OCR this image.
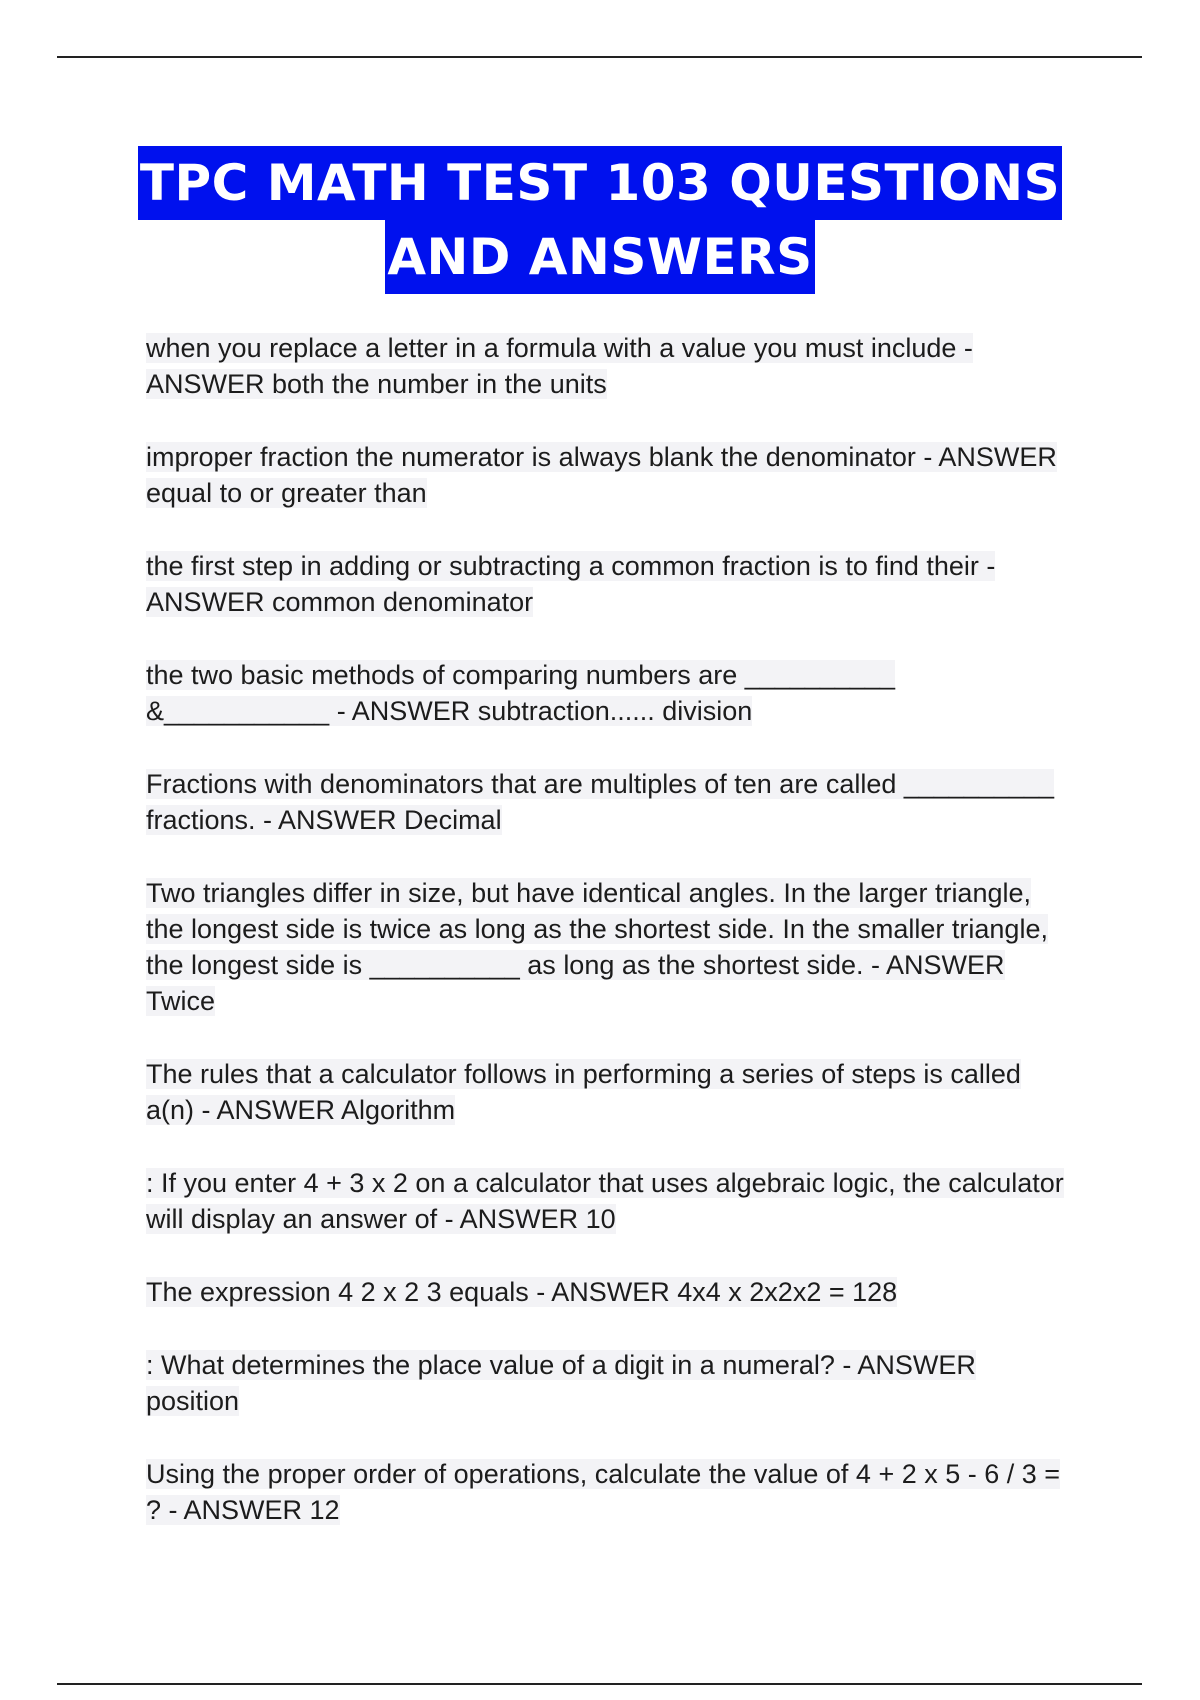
TPC MATH TEST 103 QUESTIONS
AND ANSWERS

when you replace a letter in a formula with a value you must include - ANSWER both the number in the units

improper fraction the numerator is always blank the denominator - ANSWER equal to or greater than

the first step in adding or subtracting a common fraction is to find their - ANSWER common denominator

the two basic methods of comparing numbers are __________ &___________ - ANSWER subtraction...... division

Fractions with denominators that are multiples of ten are called __________ fractions. - ANSWER Decimal

Two triangles differ in size, but have identical angles. In the larger triangle, the longest side is twice as long as the shortest side. In the smaller triangle, the longest side is __________ as long as the shortest side. - ANSWER Twice

The rules that a calculator follows in performing a series of steps is called a(n) - ANSWER Algorithm

: If you enter 4 + 3 x 2 on a calculator that uses algebraic logic, the calculator will display an answer of - ANSWER 10

The expression 4 2 x 2 3 equals - ANSWER 4x4 x 2x2x2 = 128

: What determines the place value of a digit in a numeral? - ANSWER position

Using the proper order of operations, calculate the value of 4 + 2 x 5 - 6 / 3 = ? - ANSWER 12
